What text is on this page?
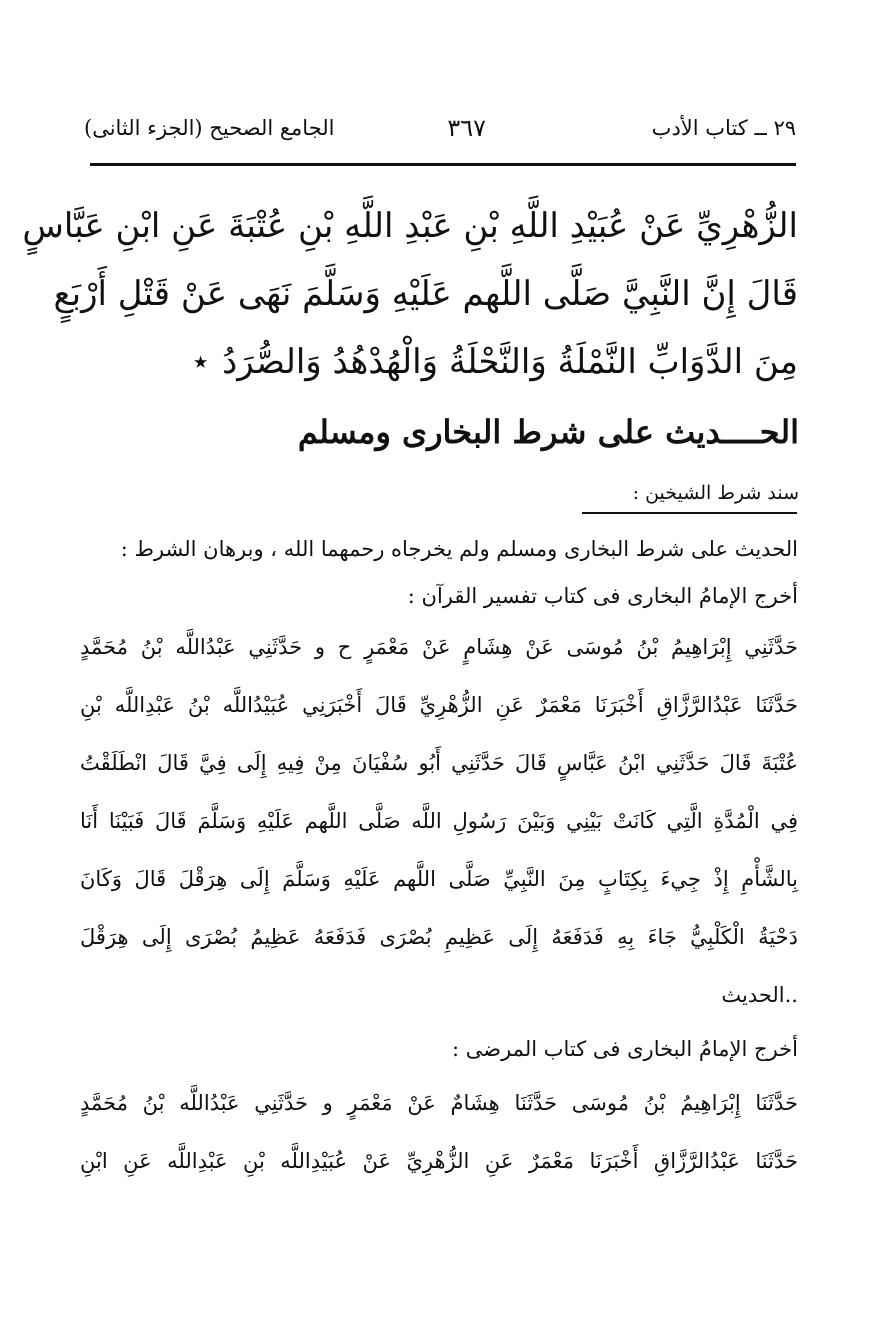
٢٩ ــ كتاب الأدب
٣٦٧
الجامع الصحيح (الجزء الثانى)

الزُّهْرِيِّ عَنْ عُبَيْدِ اللَّهِ بْنِ عَبْدِ اللَّهِ بْنِ عُتْبَةَ عَنِ ابْنِ عَبَّاسٍ

قَالَ إِنَّ النَّبِيَّ صَلَّى اللَّهم عَلَيْهِ وَسَلَّمَ نَهَى عَنْ قَتْلِ أَرْبَعٍ

مِنَ الدَّوَابِّ النَّمْلَةُ وَالنَّحْلَةُ وَالْهُدْهُدُ وَالصُّرَدُ ⋆

الحــــديث على شرط البخارى ومسلم
سند شرط الشيخين :

الحديث على شرط البخارى ومسلم ولم يخرجاه رحمهما الله ، وبرهان الشرط :

أخرج الإمامُ البخارى فى كتاب تفسير القرآن :

حَدَّثَنِي إِبْرَاهِيمُ بْنُ مُوسَى عَنْ هِشَامٍ عَنْ مَعْمَرٍ ح و حَدَّثَنِي عَبْدُاللَّه بْنُ مُحَمَّدٍ

حَدَّثَنَا عَبْدُالرَّزَّاقِ أَخْبَرَنَا مَعْمَرٌ عَنِ الزُّهْرِيِّ قَالَ أَخْبَرَنِي عُبَيْدُاللَّه بْنُ عَبْدِاللَّه بْنِ

عُتْبَةَ قَالَ حَدَّثَنِي ابْنُ عَبَّاسٍ قَالَ حَدَّثَنِي أَبُو سُفْيَانَ مِنْ فِيهِ إِلَى فِيَّ قَالَ انْطَلَقْتُ

فِي الْمُدَّةِ الَّتِي كَانَتْ بَيْنِي وَبَيْنَ رَسُولِ اللَّه صَلَّى اللَّهم عَلَيْهِ وَسَلَّمَ قَالَ فَبَيْنَا أَنَا

بِالشَّأْمِ إِذْ جِيءَ بِكِتَابٍ مِنَ النَّبِيِّ صَلَّى اللَّهم عَلَيْهِ وَسَلَّمَ إِلَى هِرَقْلَ قَالَ وَكَانَ

دَحْيَةُ الْكَلْبِيُّ جَاءَ بِهِ فَدَفَعَهُ إِلَى عَظِيمِ بُصْرَى فَدَفَعَهُ عَظِيمُ بُصْرَى إِلَى هِرَقْلَ

..الحديث

أخرج الإمامُ البخارى فى كتاب المرضى :

حَدَّثَنَا إِبْرَاهِيمُ بْنُ مُوسَى حَدَّثَنَا هِشَامٌ عَنْ مَعْمَرٍ و حَدَّثَنِي عَبْدُاللَّه بْنُ مُحَمَّدٍ

حَدَّثَنَا عَبْدُالرَّزَّاقِ أَخْبَرَنَا مَعْمَرٌ عَنِ الزُّهْرِيِّ عَنْ عُبَيْدِاللَّه بْنِ عَبْدِاللَّه عَنِ ابْنِ
